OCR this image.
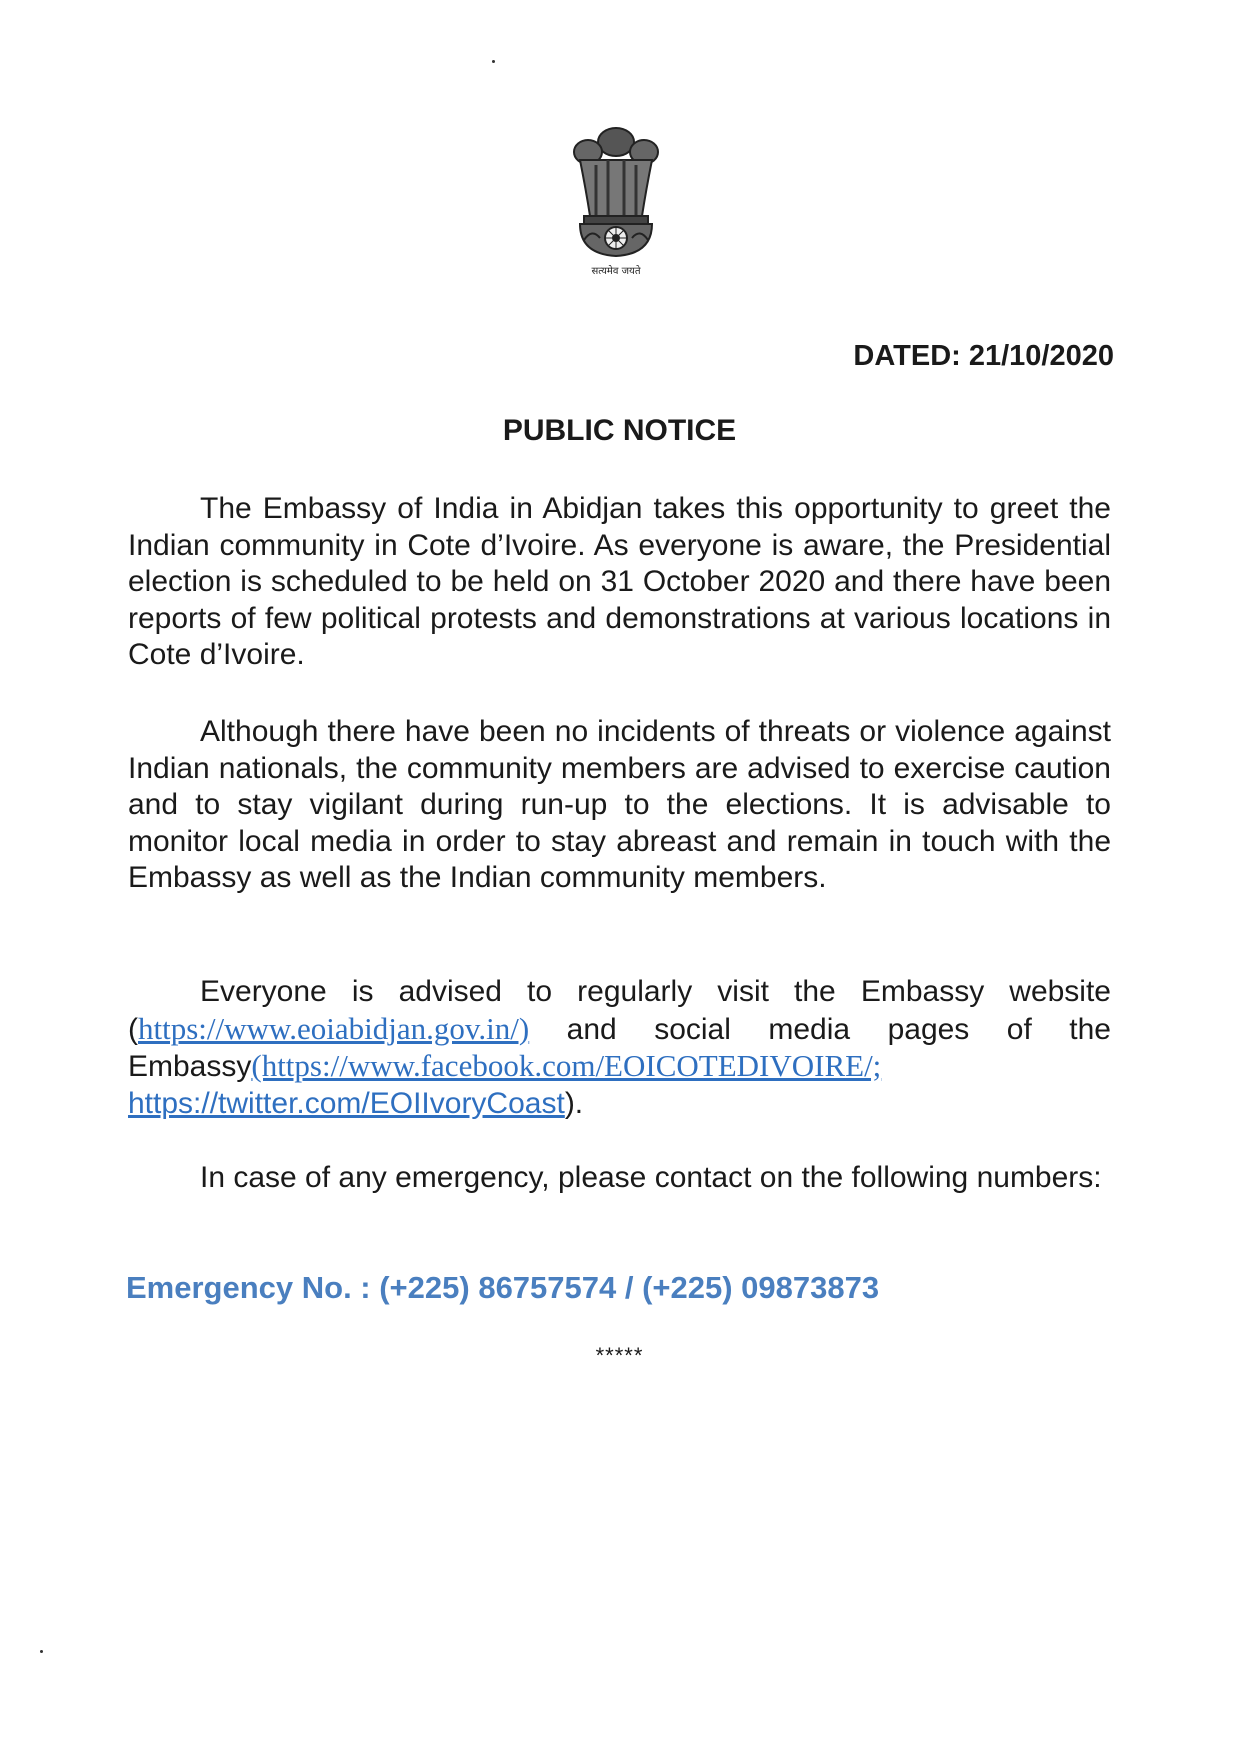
सत्यमेव जयते
DATED: 21/10/2020
PUBLIC NOTICE
The Embassy of India in Abidjan takes this opportunity to greet the Indian community in Cote d’Ivoire. As everyone is aware, the Presidential election is scheduled to be held on 31 October 2020 and there have been reports of few political protests and demonstrations at various locations in Cote d’Ivoire.
Although there have been no incidents of threats or violence against Indian nationals, the community members are advised to exercise caution and to stay vigilant during run-up to the elections. It is advisable to monitor local media in order to stay abreast and remain in touch with the Embassy as well as the Indian community members.
Everyone is advised to regularly visit the Embassy website (https://www.eoiabidjan.gov.in/) and social media pages of the Embassy(https://www.facebook.com/EOICOTEDIVOIRE/; https://twitter.com/EOIIvoryCoast).
In case of any emergency, please contact on the following numbers:
Emergency No. : (+225) 86757574 / (+225) 09873873
*****
